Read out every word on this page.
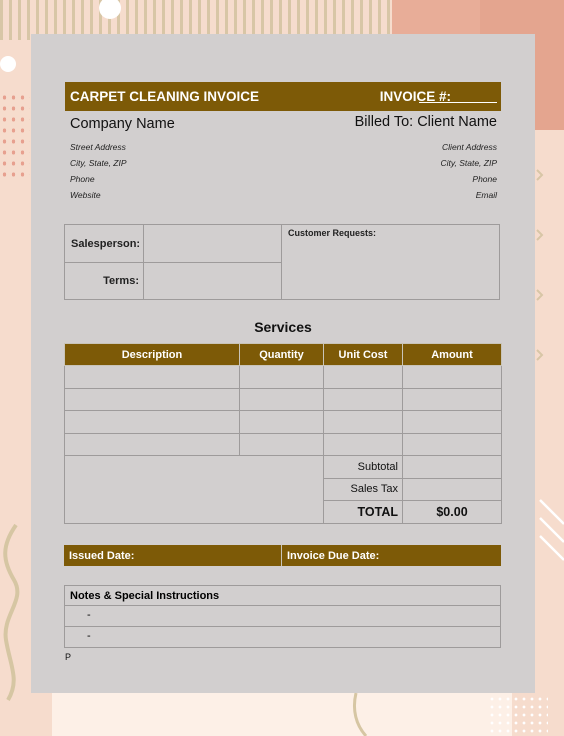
CARPET CLEANING INVOICE	INVOICE #:
Company Name	Billed To: Client Name
Street Address
City, State, ZIP
Phone
Website
Client Address
City, State, ZIP
Phone
Email
Salesperson:
Terms:
Customer Requests:
Services
Description	Quantity	Unit Cost	Amount

		Subtotal	
		Sales Tax	
		TOTAL	$0.00
Issued Date:	Invoice Due Date:
Notes & Special Instructions
-
-
P
